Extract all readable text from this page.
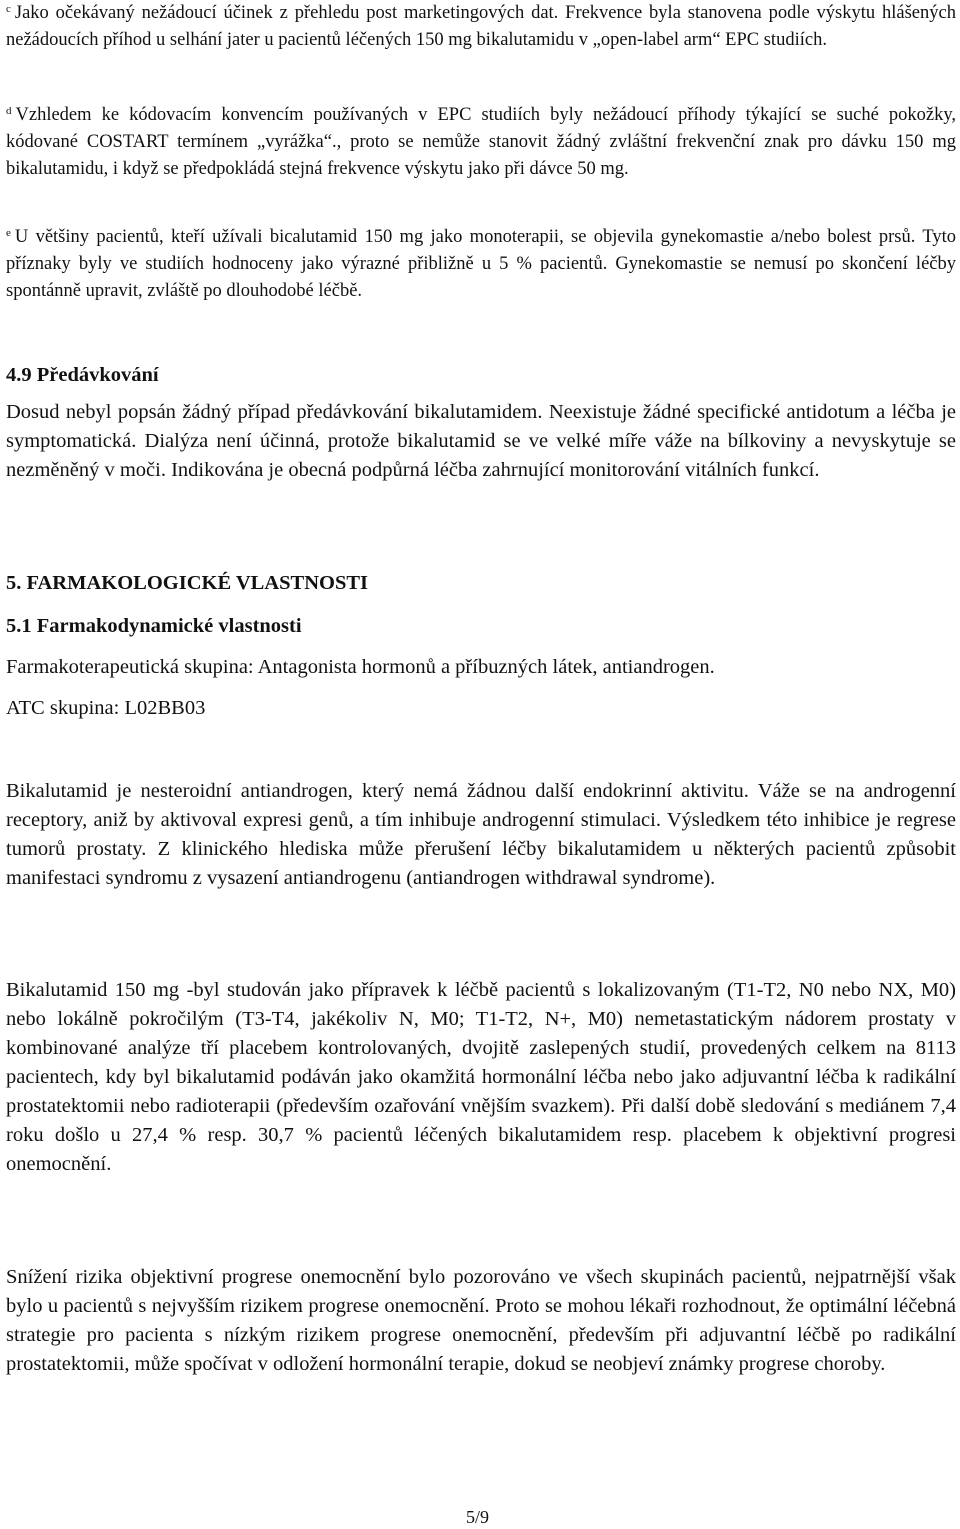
$^c$ Jako očekávaný nežádoucí účinek z přehledu post marketingových dat. Frekvence byla stanovena podle výskytu hlášených nežádoucích příhod u selhání jater u pacientů léčených 150 mg bikalutamidu v „open-label arm“ EPC studiích.

$^d$ Vzhledem ke kódovacím konvencím používaných v EPC studiích byly nežádoucí příhody týkající se suché pokožky, kódované COSTART termínem „vyrážka“., proto se nemůže stanovit žádný zvláštní frekvenční znak pro dávku 150 mg bikalutamidu, i když se předpokládá stejná frekvence výskytu jako při dávce 50 mg.

$^e$ U většiny pacientů, kteří užívali bicalutamid 150 mg jako monoterapii, se objevila gynekomastie a/nebo bolest prsů. Tyto příznaky byly ve studiích hodnoceny jako výrazné přibližně u 5 % pacientů. Gynekomastie se nemusí po skončení léčby spontánně upravit, zvláště po dlouhodobé léčbě.

4.9 Předávkování

Dosud nebyl popsán žádný případ předávkování bikalutamidem. Neexistuje žádné specifické antidotum a léčba je symptomatická. Dialýza není účinná, protože bikalutamid se ve velké míře váže na bílkoviny a nevyskytuje se nezměněný v moči. Indikována je obecná podpůrná léčba zahrnující monitorování vitálních funkcí.

5. FARMAKOLOGICKÉ VLASTNOSTI
5.1 Farmakodynamické vlastnosti

Farmakoterapeutická skupina: Antagonista hormonů a příbuzných látek, antiandrogen.

ATC skupina: L02BB03

Bikalutamid je nesteroidní antiandrogen, který nemá žádnou další endokrinní aktivitu. Váže se na androgenní receptory, aniž by aktivoval expresi genů, a tím inhibuje androgenní stimulaci. Výsledkem této inhibice je regrese tumorů prostaty. Z klinického hlediska může přerušení léčby bikalutamidem u některých pacientů způsobit manifestaci syndromu z vysazení antiandrogenu (antiandrogen withdrawal syndrome).

Bikalutamid 150 mg -byl studován jako přípravek k léčbě pacientů s lokalizovaným (T1-T2, N0 nebo NX, M0) nebo lokálně pokročilým (T3-T4, jakékoliv N, M0; T1-T2, N+, M0) nemetastatickým nádorem prostaty v kombinované analýze tří placebem kontrolovaných, dvojitě zaslepených studií, provedených celkem na 8113 pacientech, kdy byl bikalutamid podáván jako okamžitá hormonální léčba nebo jako adjuvantní léčba k radikální prostatektomii nebo radioterapii (především ozařování vnějším svazkem). Při další době sledování s mediánem 7,4 roku došlo u 27,4 % resp. 30,7 % pacientů léčených bikalutamidem resp. placebem k objektivní progresi onemocnění.

Snížení rizika objektivní progrese onemocnění bylo pozorováno ve všech skupinách pacientů, nejpatrnější však bylo u pacientů s nejvyšším rizikem progrese onemocnění. Proto se mohou lékaři rozhodnout, že optimální léčebná strategie pro pacienta s nízkým rizikem progrese onemocnění, především při adjuvantní léčbě po radikální prostatektomii, může spočívat v odložení hormonální terapie, dokud se neobjeví známky progrese choroby.

5/9
